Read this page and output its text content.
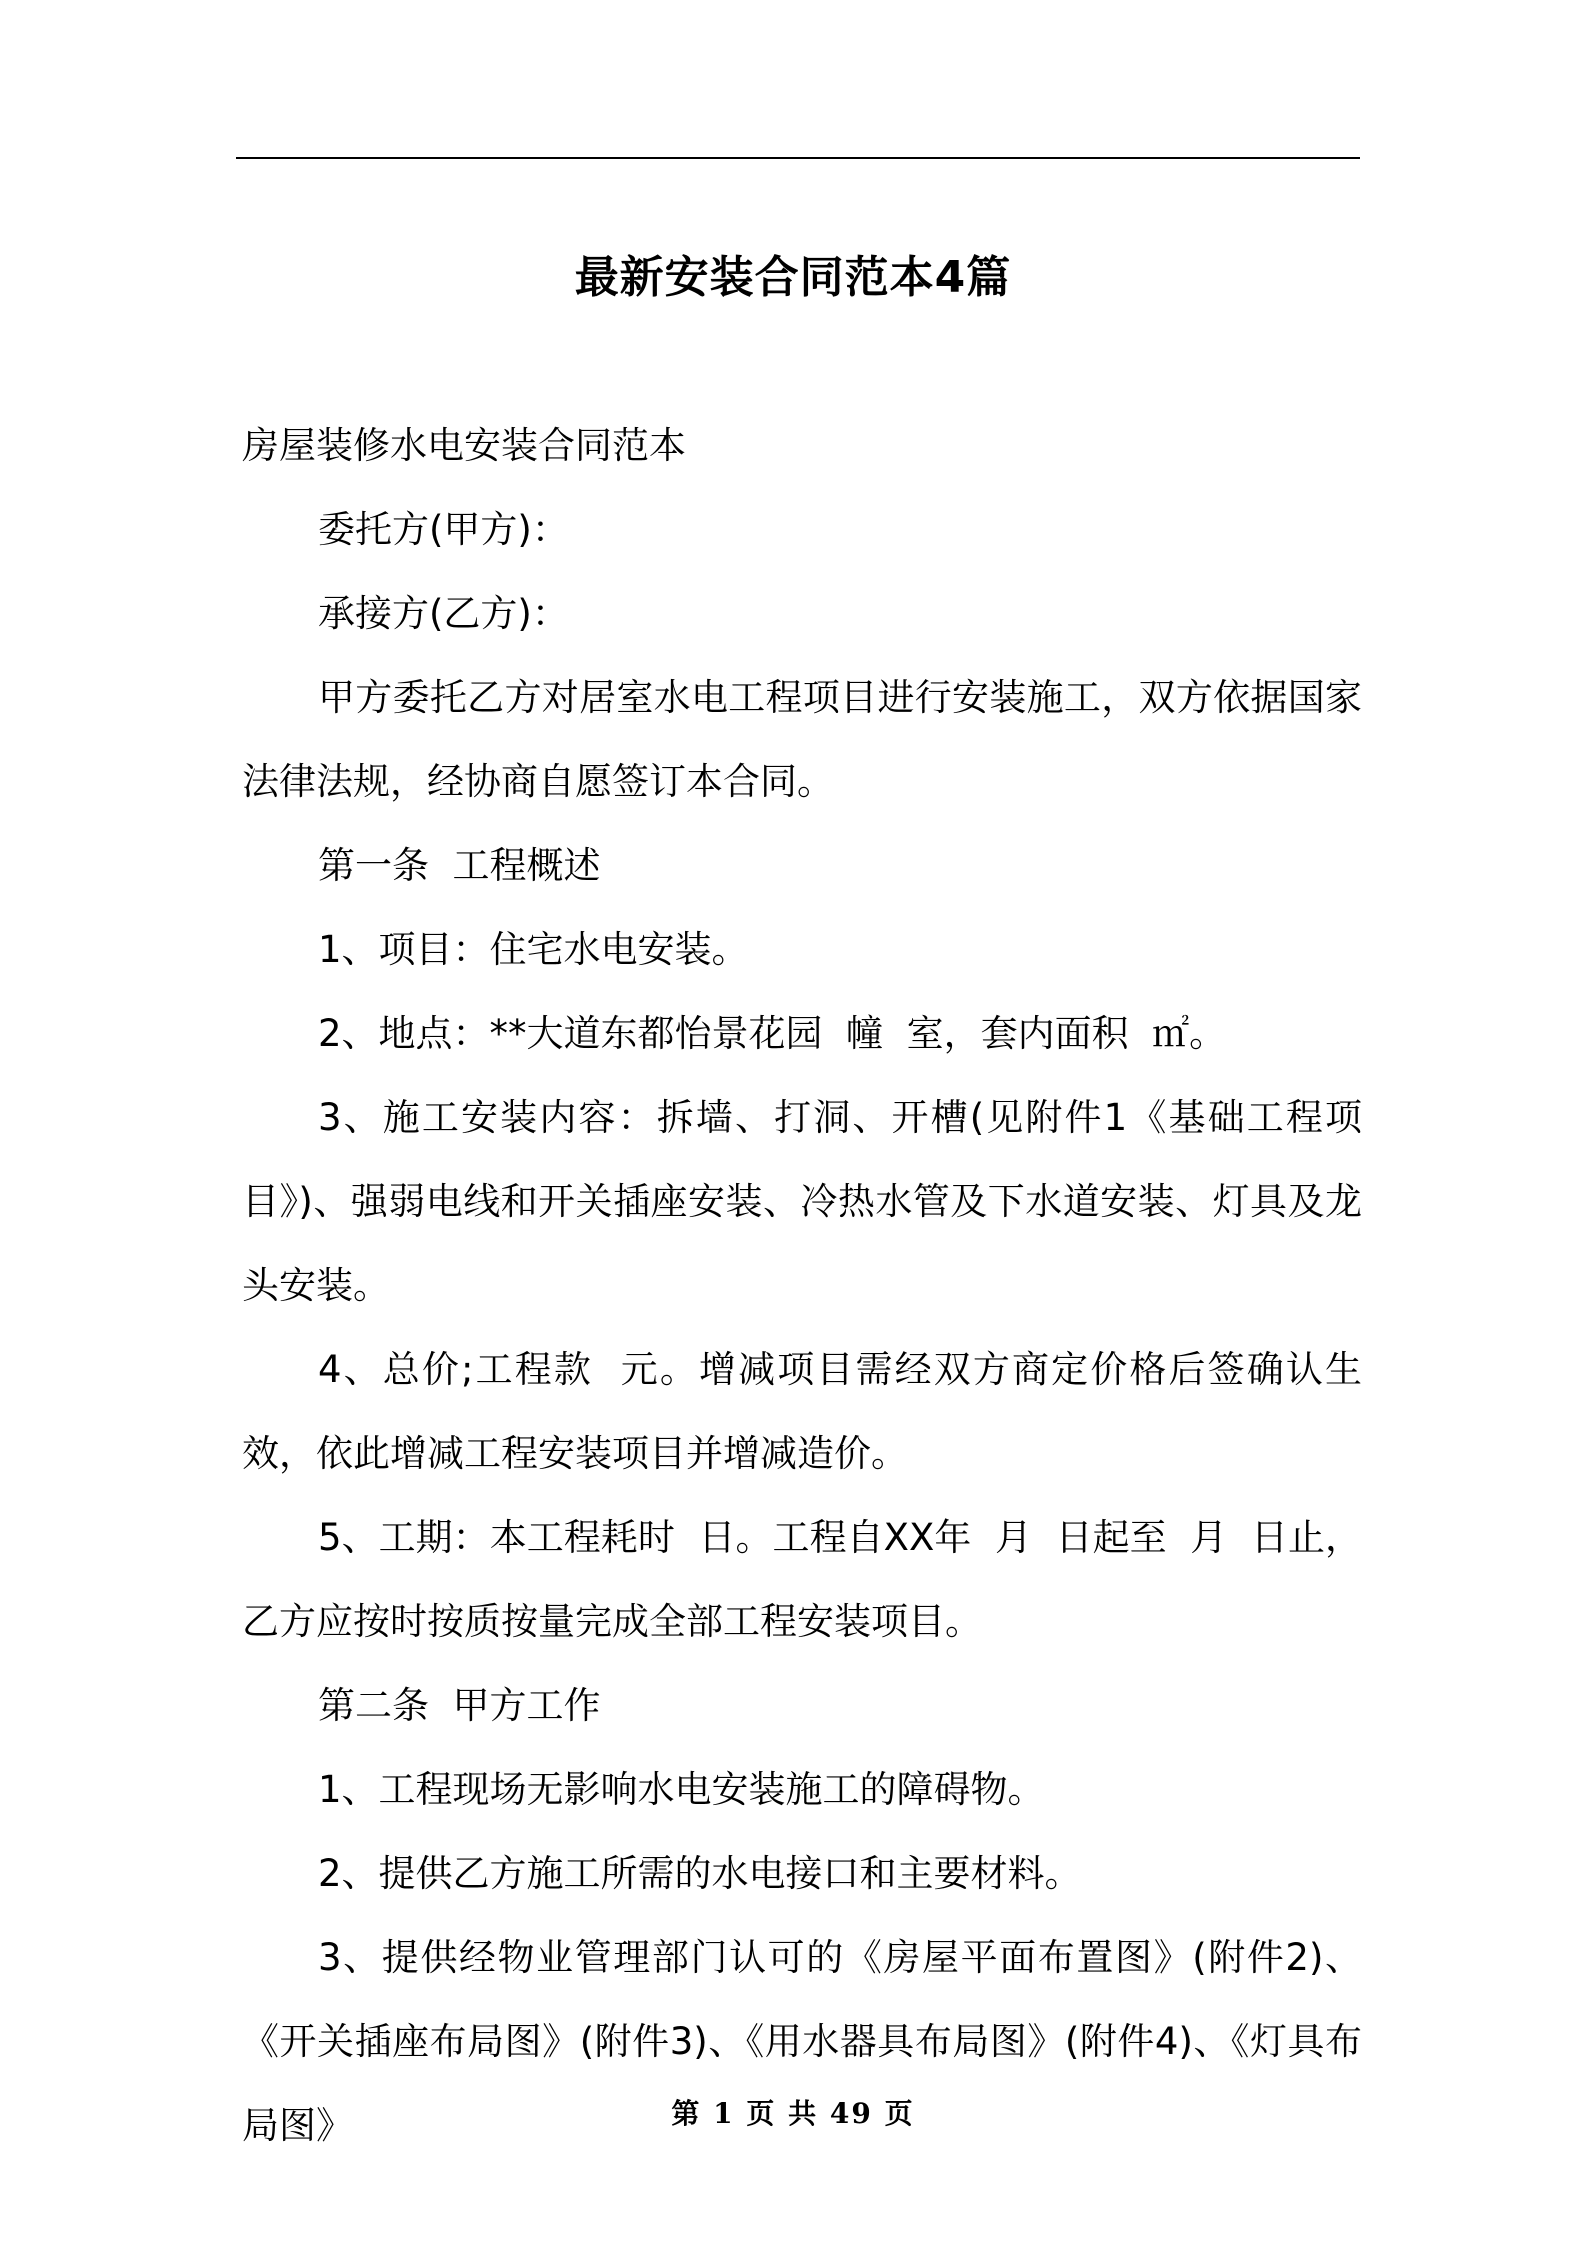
最新安装合同范本4篇

房屋装修水电安装合同范本

委托方(甲方)：

承接方(乙方)：

甲方委托乙方对居室水电工程项目进行安装施工，双方依据国家法律法规，经协商自愿签订本合同。

第一条  工程概述

1、项目：住宅水电安装。

2、地点：**大道东都怡景花园  幢  室，套内面积  ㎡。

3、施工安装内容：拆墙、打洞、开槽(见附件1《基础工程项目》)、强弱电线和开关插座安装、冷热水管及下水道安装、灯具及龙头安装。

4、总价;工程款  元。增减项目需经双方商定价格后签确认生效，依此增减工程安装项目并增减造价。

5、工期：本工程耗时  日。工程自XX年  月  日起至  月  日止，乙方应按时按质按量完成全部工程安装项目。

第二条  甲方工作

1、工程现场无影响水电安装施工的障碍物。

2、提供乙方施工所需的水电接口和主要材料。

3、提供经物业管理部门认可的《房屋平面布置图》(附件2)、《开关插座布局图》(附件3)、《用水器具布局图》(附件4)、《灯具布局图》	第 1 页 共 49 页
